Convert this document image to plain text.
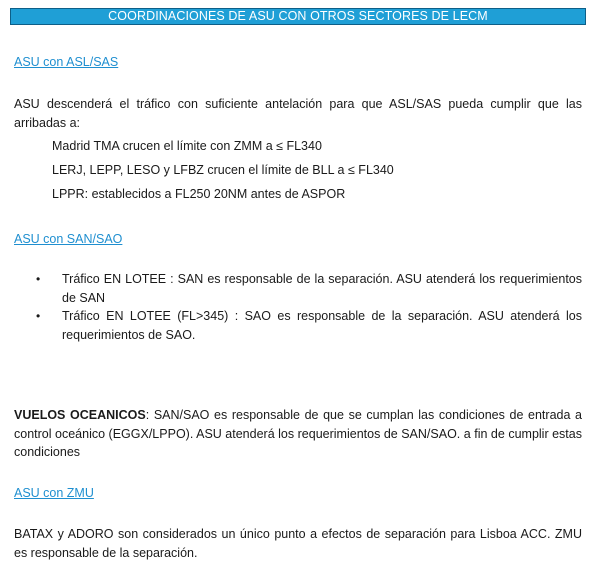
COORDINACIONES DE ASU CON OTROS SECTORES DE LECM
ASU con ASL/SAS

ASU descenderá el tráfico con suficiente antelación para que ASL/SAS pueda cumplir que las arribadas a:

Madrid TMA crucen el límite con ZMM a ≤ FL340
LERJ, LEPP, LESO y LFBZ crucen el límite de BLL a ≤ FL340
LPPR: establecidos a FL250 20NM antes de ASPOR
ASU con SAN/SAO
•	Tráfico EN LOTEE : SAN es responsable de la separación. ASU atenderá los requerimientos de SAN

•	Tráfico EN LOTEE (FL>345) : SAO es responsable de la separación. ASU atenderá los requerimientos de SAO.

VUELOS OCEANICOS: SAN/SAO es responsable de que se cumplan las condiciones de entrada a control oceánico (EGGX/LPPO). ASU atenderá los requerimientos de SAN/SAO. a fin de cumplir estas condiciones

ASU con ZMU

BATAX y ADORO son considerados un único punto a efectos de separación para Lisboa ACC. ZMU es responsable de la separación.
